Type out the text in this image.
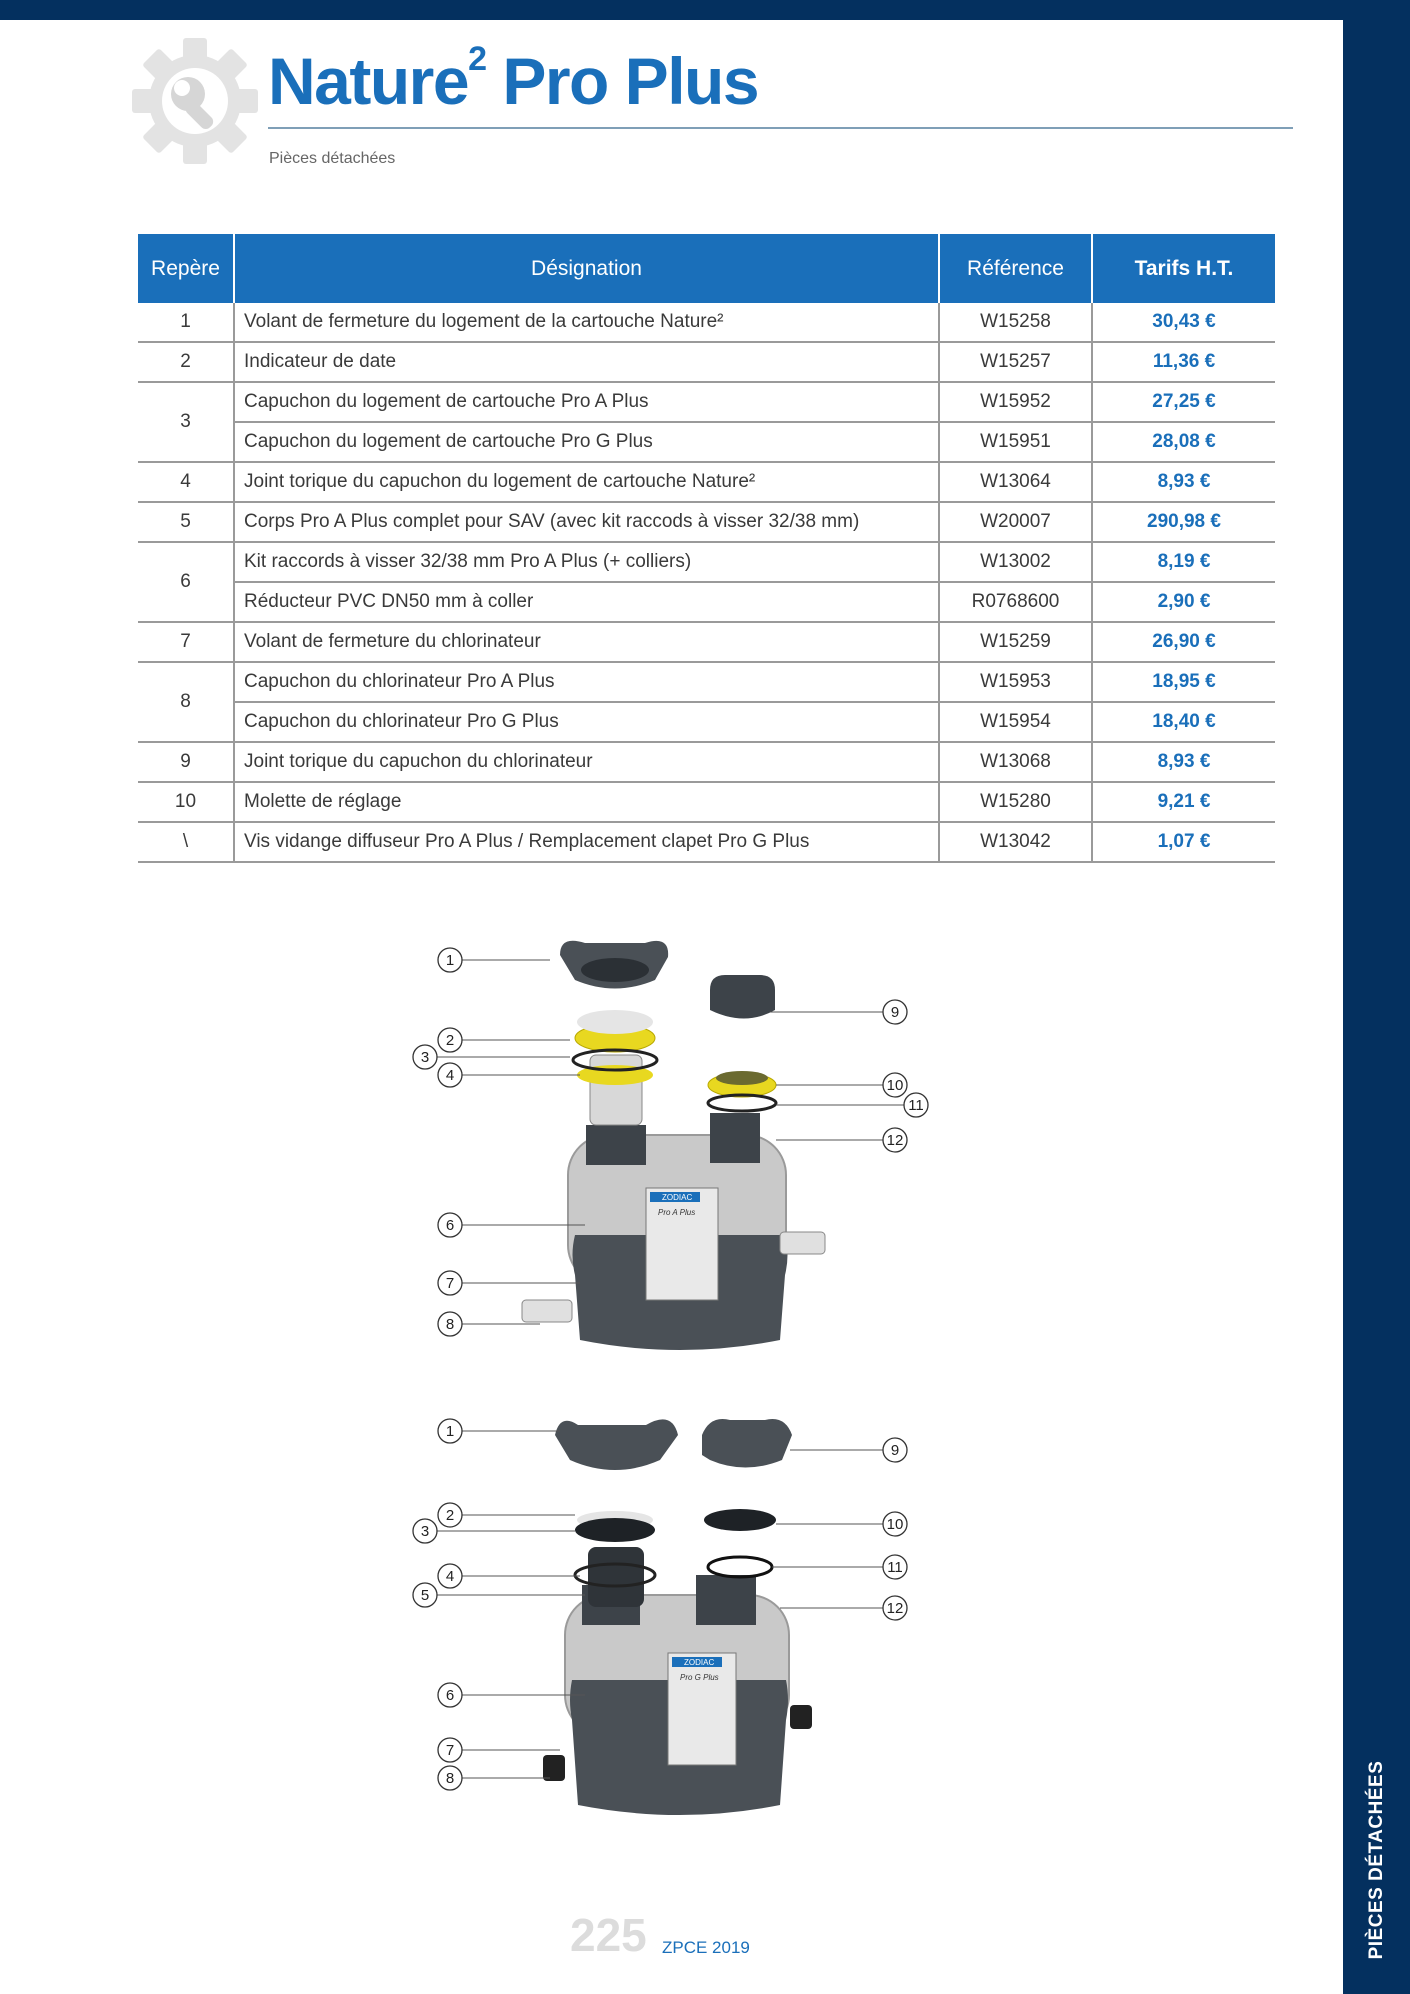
PIÈCES DÉTACHÉES
Nature$^2$ Pro Plus
Pièces détachées
Repère	Désignation	Référence	Tarifs H.T.
1	Volant de fermeture du logement de la cartouche Nature²	W15258	30,43 €
2	Indicateur de date	W15257	11,36 €
3	Capuchon du logement de cartouche Pro A Plus	W15952	27,25 €
	Capuchon du logement de cartouche Pro G Plus	W15951	28,08 €
4	Joint torique du capuchon du logement de cartouche Nature²	W13064	8,93 €
5	Corps Pro A Plus complet pour SAV (avec kit raccods à visser 32/38 mm)	W20007	290,98 €
6	Kit raccords à visser 32/38 mm Pro A Plus (+ colliers)	W13002	8,19 €
	Réducteur PVC DN50 mm à coller	R0768600	2,90 €
7	Volant de fermeture du chlorinateur	W15259	26,90 €
8	Capuchon du chlorinateur Pro A Plus	W15953	18,95 €
	Capuchon du chlorinateur Pro G Plus	W15954	18,40 €
9	Joint torique du capuchon du chlorinateur	W13068	8,93 €
10	Molette de réglage	W15280	9,21 €
\	Vis vidange diffuseur Pro A Plus / Remplacement clapet Pro G Plus	W13042	1,07 €
ZODIAC
Pro A Plus
ZODIAC
Pro G Plus
1
2
3
4
6
7
8
9
10
11
12
1
2
3
4
5
6
7
8
9
10
11
12
225 ZPCE 2019
